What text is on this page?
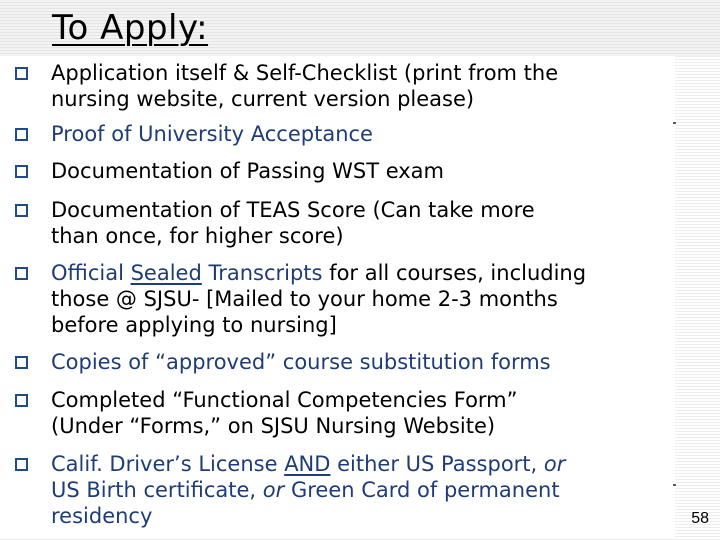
To Apply:
Application itself & Self-Checklist (print from the
nursing website, current version please)
Proof of University Acceptance
Documentation of Passing WST exam
Documentation of TEAS Score (Can take more
than once, for higher score)
Official Sealed Transcripts for all courses, including
those @ SJSU- [Mailed to your home 2-3 months
before applying to nursing]
Copies of “approved” course substitution forms
Completed “Functional Competencies Form”
(Under “Forms,” on SJSU Nursing Website)
Calif. Driver’s License AND either US Passport, or
US Birth certificate, or Green Card of permanent
residency	58
